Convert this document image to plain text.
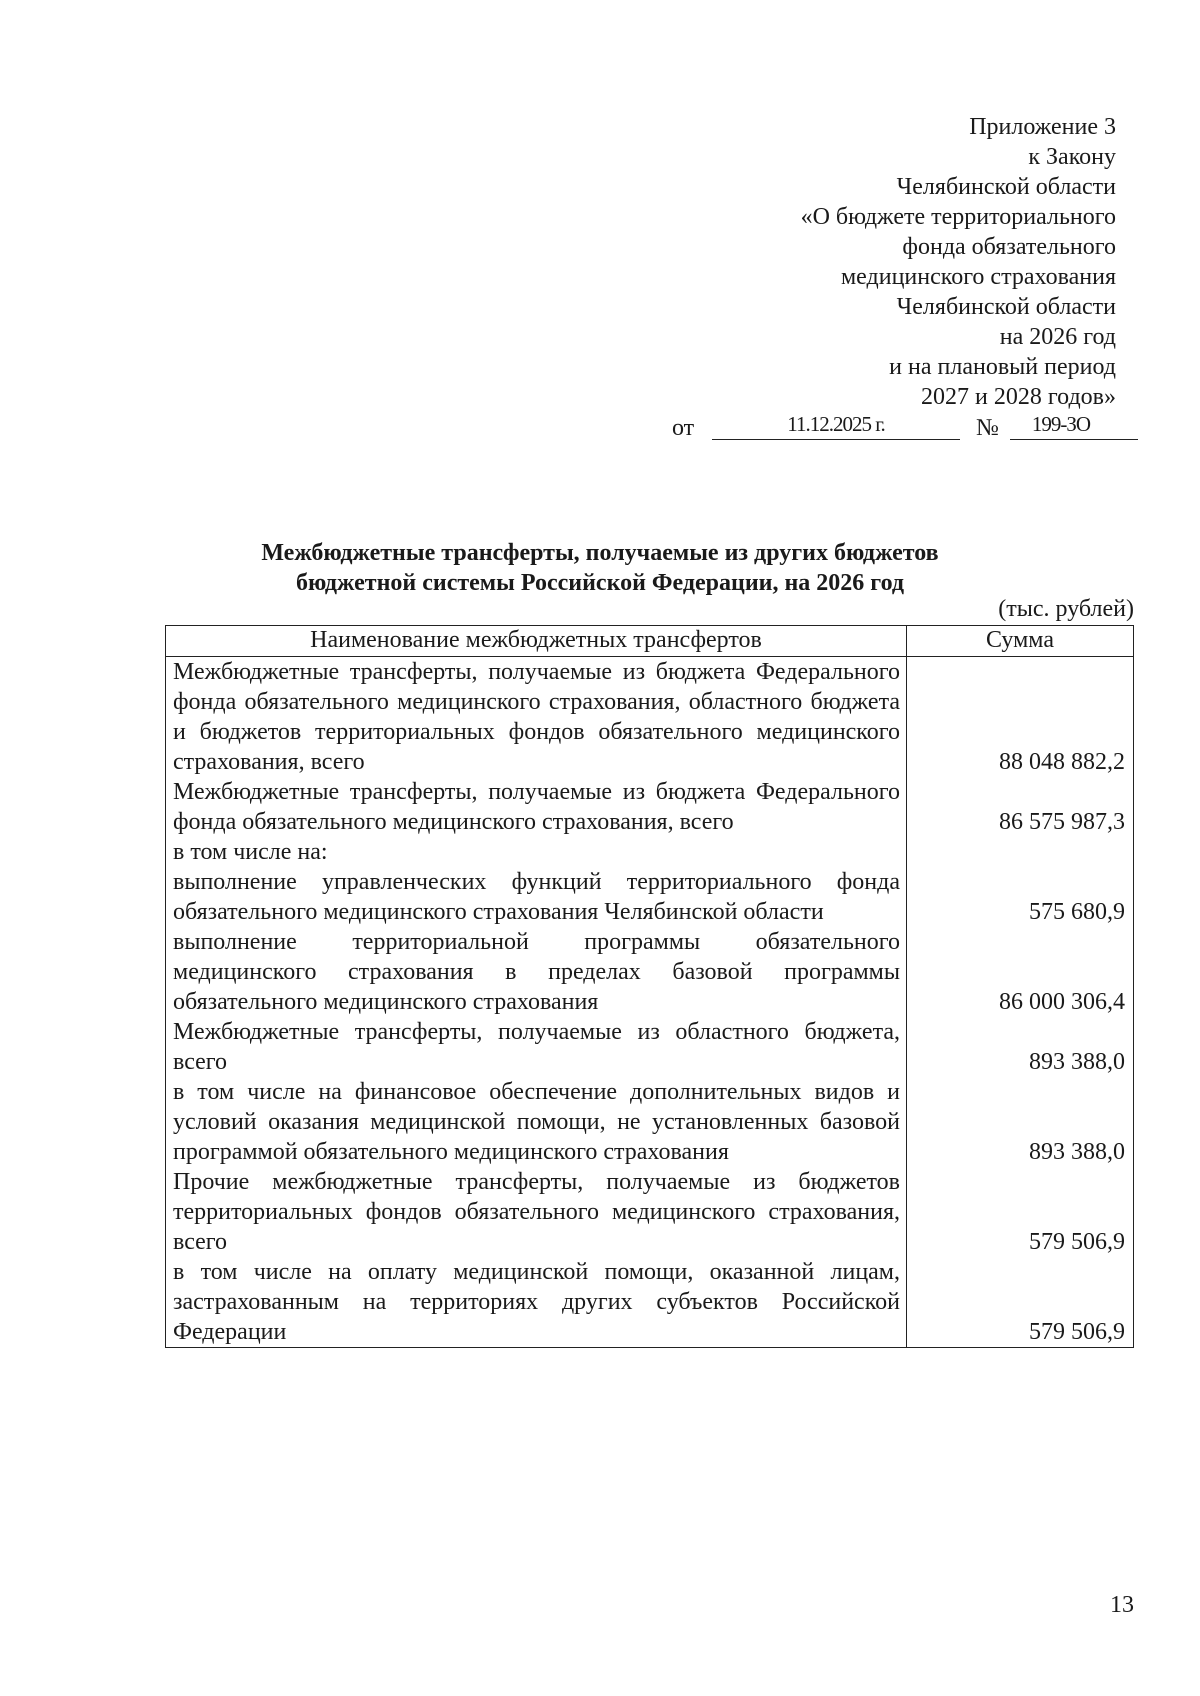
Приложение 3
к Закону
Челябинской области
«О бюджете территориального
фонда обязательного
медицинского страхования
Челябинской области
на 2026 год
и на плановый период
2027 и 2028 годов»
от	11.12.2025 г.	№	199-ЗО
Межбюджетные трансферты, получаемые из других бюджетов
бюджетной системы Российской Федерации, на 2026 год
(тыс. рублей)
Наименование межбюджетных трансфертов	Сумма
Межбюджетные трансферты, получаемые из бюджета Федерального фонда обязательного медицинского страхования, областного бюджета и бюджетов территориальных фондов обязательного медицинского страхования, всего	88 048 882,2
Межбюджетные трансферты, получаемые из бюджета Федерального фонда обязательного медицинского страхования, всего	86 575 987,3
в том числе на:	
выполнение управленческих функций территориального фонда обязательного медицинского страхования Челябинской области	575 680,9
выполнение территориальной программы обязательного медицинского страхования в пределах базовой программы обязательного медицинского страхования	86 000 306,4
Межбюджетные трансферты, получаемые из областного бюджета, всего	893 388,0
в том числе на финансовое обеспечение дополнительных видов и условий оказания медицинской помощи, не установленных базовой программой обязательного медицинского страхования	893 388,0
Прочие межбюджетные трансферты, получаемые из бюджетов территориальных фондов обязательного медицинского страхования, всего	579 506,9
в том числе на оплату медицинской помощи, оказанной лицам, застрахованным на территориях других субъектов Российской Федерации	579 506,9
13
